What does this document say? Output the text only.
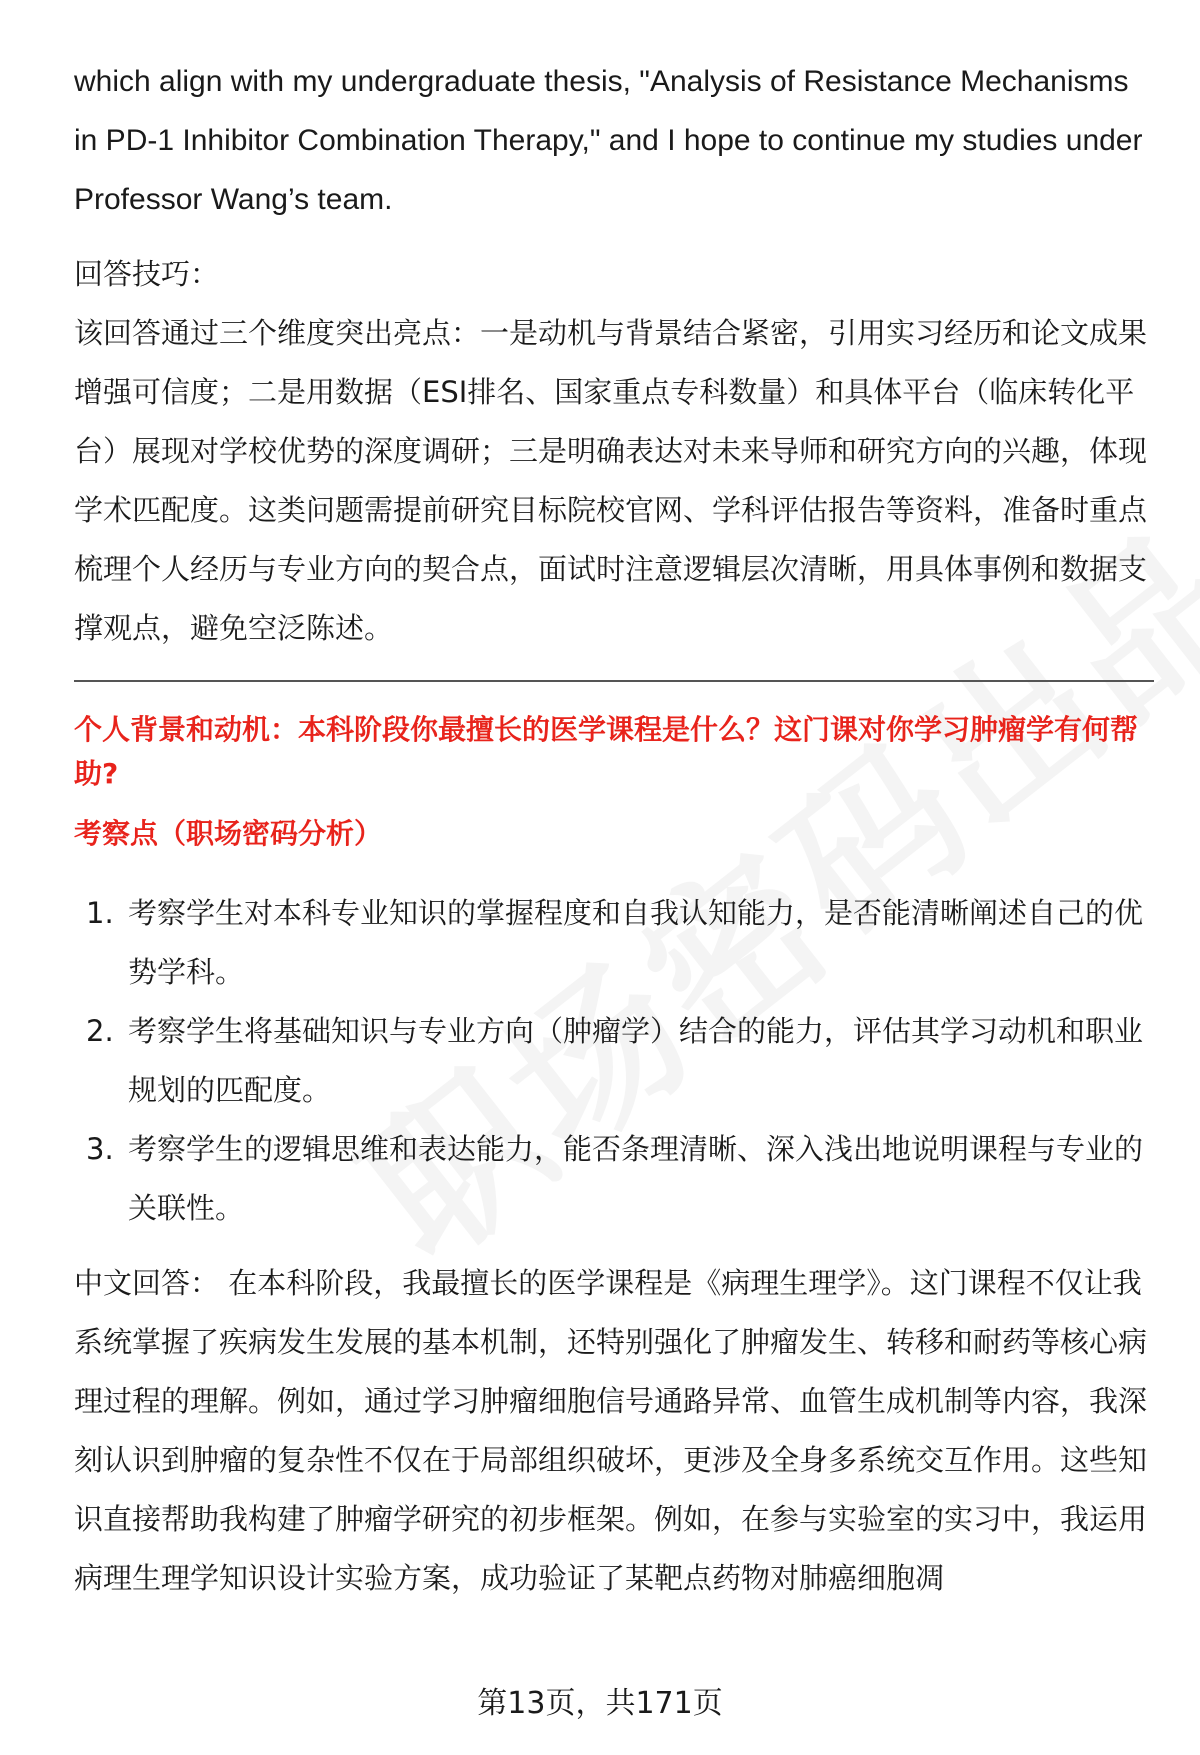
which align with my undergraduate thesis, "Analysis of Resistance Mechanisms in PD-1 Inhibitor Combination Therapy," and I hope to continue my studies under Professor Wang’s team.

回答技巧：

该回答通过三个维度突出亮点：一是动机与背景结合紧密，引用实习经历和论文成果增强可信度；二是用数据（ESI排名、国家重点专科数量）和具体平台（临床转化平台）展现对学校优势的深度调研；三是明确表达对未来导师和研究方向的兴趣，体现学术匹配度。这类问题需提前研究目标院校官网、学科评估报告等资料，准备时重点梳理个人经历与专业方向的契合点，面试时注意逻辑层次清晰，用具体事例和数据支撑观点，避免空泛陈述。

个人背景和动机：本科阶段你最擅长的医学课程是什么？这门课对你学习肿瘤学有何帮助?

考察点（职场密码分析）

1. 考察学生对本科专业知识的掌握程度和自我认知能力，是否能清晰阐述自己的优势学科。
2. 考察学生将基础知识与专业方向（肿瘤学）结合的能力，评估其学习动机和职业规划的匹配度。
3. 考察学生的逻辑思维和表达能力，能否条理清晰、深入浅出地说明课程与专业的关联性。

中文回答： 在本科阶段，我最擅长的医学课程是《病理生理学》。这门课程不仅让我系统掌握了疾病发生发展的基本机制，还特别强化了肿瘤发生、转移和耐药等核心病理过程的理解。例如，通过学习肿瘤细胞信号通路异常、血管生成机制等内容，我深刻认识到肿瘤的复杂性不仅在于局部组织破坏，更涉及全身多系统交互作用。这些知识直接帮助我构建了肿瘤学研究的初步框架。例如，在参与实验室的实习中，我运用病理生理学知识设计实验方案，成功验证了某靶点药物对肺癌细胞凋

第13页，共171页
